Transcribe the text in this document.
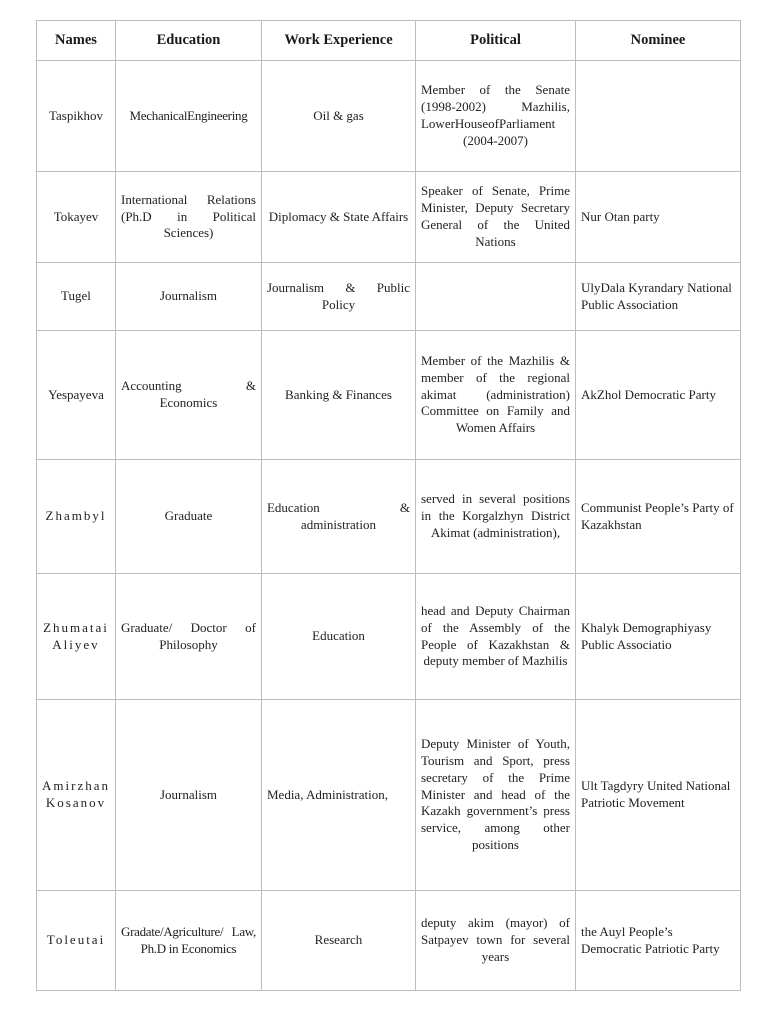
Names	Education	Work Experience	Political	Nominee
Taspikhov	MechanicalEngineering	Oil & gas	Member of the Senate (1998-2002) Mazhilis, LowerHouseofParliament (2004-2007)	
Tokayev	International Relations (Ph.D in Political Sciences)	Diplomacy & State Affairs	Speaker of Senate, Prime Minister, Deputy Secretary General of the United Nations	Nur Otan party
Tugel	Journalism	Journalism & Public Policy		UlyDala Kyrandary National Public Association
Yespayeva	Accounting & Economics	Banking & Finances	Member of the Mazhilis & member of the regional akimat (administration) Committee on Family and Women Affairs	AkZhol Democratic Party
Zhambyl	Graduate	Education & administration	served in several positions in the Korgalzhyn District Akimat (administration),	Communist People’s Party of Kazakhstan
Zhumatai Aliyev	Graduate/ Doctor of Philosophy	Education	head and Deputy Chairman of the Assembly of the People of Kazakhstan & deputy member of Mazhilis	Khalyk Demographiyasy Public Associatio
Amirzhan Kosanov	Journalism	Media, Administration,	Deputy Minister of Youth, Tourism and Sport, press secretary of the Prime Minister and head of the Kazakh government’s press service, among other positions	Ult Tagdyry United National Patriotic Movement
Toleutai	Gradate/Agriculture/ Law, Ph.D in Economics	Research	deputy akim (mayor) of Satpayev town for several years	the Auyl People’s Democratic Patriotic Party
